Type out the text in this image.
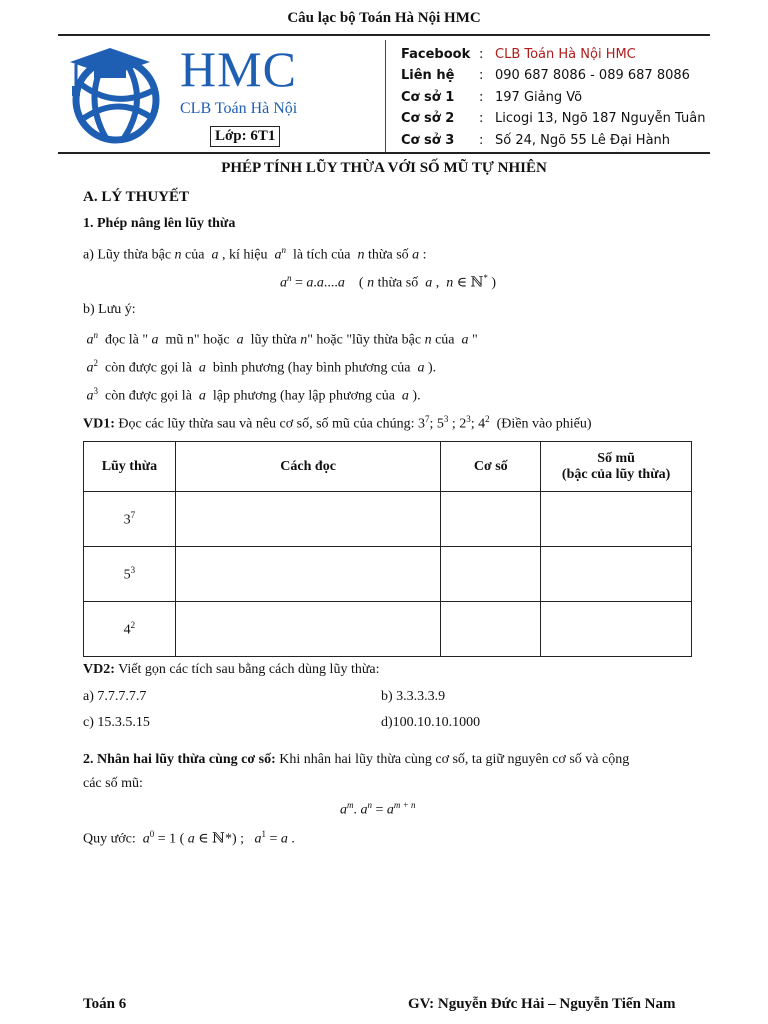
Câu lạc bộ Toán Hà Nội HMC
HMC
CLB Toán Hà Nội
Lớp: 6T1
Facebook	:	CLB Toán Hà Nội HMC
Liên hệ	:	090 687 8086 - 089 687 8086
Cơ sở 1	:	197 Giảng Võ
Cơ sở 2	:	Licogi 13, Ngõ 187 Nguyễn Tuân
Cơ sở 3	:	Số 24, Ngõ 55 Lê Đại Hành
PHÉP TÍNH LŨY THỪA VỚI SỐ MŨ TỰ NHIÊN
A. LÝ THUYẾT
1. Phép nâng lên lũy thừa
a) Lũy thừa bậc n của  a , kí hiệu  $a^n$  là tích của  n thừa số a :
$a^n = a.a....a$    ( n thừa số  a ,  n ∈ ℕ* )
b) Lưu ý:
$a^n$  đọc là " a  mũ n" hoặc  a  lũy thừa n" hoặc "lũy thừa bậc n của  a "
$a^2$  còn được gọi là  a  bình phương (hay bình phương của  a ).
$a^3$  còn được gọi là  a  lập phương (hay lập phương của  a ).
VD1: Đọc các lũy thừa sau và nêu cơ số, số mũ của chúng: $3^7$; $5^3$ ; $2^3$; $4^2$ (Điền vào phiếu)
Lũy thừa	Cách đọc	Cơ số	Số mũ
(bậc của lũy thừa)
$3^7$			
$5^3$			
$4^2$			
VD2: Viết gọn các tích sau bằng cách dùng lũy thừa:
a) 7.7.7.7.7	b) 3.3.3.3.9
c) 15.3.5.15	d)100.10.10.1000
2. Nhân hai lũy thừa cùng cơ số: Khi nhân hai lũy thừa cùng cơ số, ta giữ nguyên cơ số và cộng
các số mũ:
$a^m$. $a^n = a^{m + n}$
Quy ước: $a^0 = 1$ ( a ∈ ℕ*) ;   $a^1 = a$ .
Toán 6	GV: Nguyễn Đức Hải – Nguyễn Tiến Nam
